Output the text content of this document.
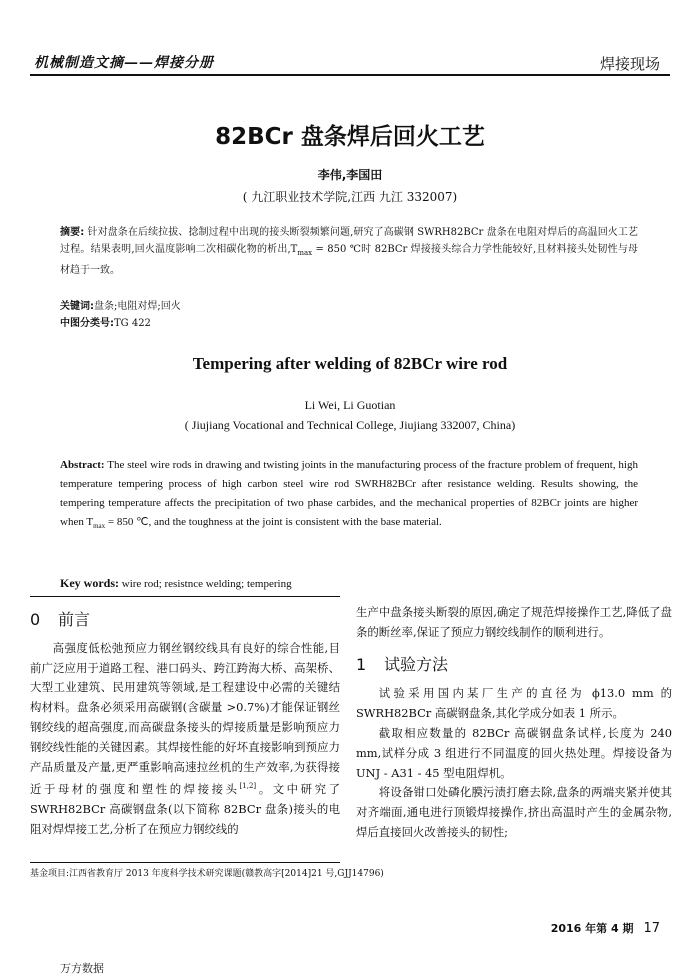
机械制造文摘——焊接分册	焊接现场
82BCr 盘条焊后回火工艺
李伟,李国田
( 九江职业技术学院,江西 九江 332007)
摘要: 针对盘条在后续拉拔、捻制过程中出现的接头断裂频繁问题,研究了高碳钢 SWRH82BCr 盘条在电阻对焊后的高温回火工艺过程。结果表明,回火温度影响二次相碳化物的析出$,T_{max} = 850$ ℃时 82BCr 焊接接头综合力学性能较好,且材料接头处韧性与母材趋于一致。
关键词:盘条;电阻对焊;回火
中图分类号:TG 422
Tempering after welding of 82BCr wire rod
Li Wei, Li Guotian
( Jiujiang Vocational and Technical College, Jiujiang 332007, China)
Abstract: The steel wire rods in drawing and twisting joints in the manufacturing process of the fracture problem of frequent, high temperature tempering process of high carbon steel wire rod SWRH82BCr after resistance welding. Results showing, the tempering temperature affects the precipitation of two phase carbides, and the mechanical properties of 82BCr joints are higher when $T_{max} = 850$ ℃, and the toughness at the joint is consistent with the base material.
Key words: wire rod; resistnce welding; tempering
0 前言

高强度低松弛预应力钢丝钢绞线具有良好的综合性能,目前广泛应用于道路工程、港口码头、跨江跨海大桥、高架桥、大型工业建筑、民用建筑等领域,是工程建设中必需的关键结构材料。盘条必须采用高碳钢(含碳量 >0.7%)才能保证钢丝钢绞线的超高强度,而高碳盘条接头的焊接质量是影响预应力钢绞线性能的关键因素。其焊接性能的好坏直接影响到预应力产品质量及产量,更严重影响高速拉丝机的生产效率,为获得接近于母材的强度和塑性的焊接接头[1,2]。文中研究了 SWRH82BCr 高碳钢盘条(以下简称 82BCr 盘条)接头的电阻对焊焊接工艺,分析了在预应力钢绞线的

生产中盘条接头断裂的原因,确定了规范焊接操作工艺,降低了盘条的断丝率,保证了预应力钢绞线制作的顺利进行。

1 试验方法

试验采用国内某厂生产的直径为 ϕ13.0 mm 的 SWRH82BCr 高碳钢盘条,其化学成分如表 1 所示。

截取相应数量的 82BCr 高碳钢盘条试样,长度为 240 mm,试样分成 3 组进行不同温度的回火热处理。焊接设备为 UNJ - A31 - 45 型电阻焊机。

将设备钳口处磷化膜污渍打磨去除,盘条的两端夹紧并使其对齐端面,通电进行顶锻焊接操作,挤出高温时产生的金属杂物,焊后直接回火改善接头的韧性;

基金项目:江西省教育厅 2013 年度科学技术研究课题(赣教高字[2014]21 号,GJJ14796)
2016 年第 4 期 17
万方数据
